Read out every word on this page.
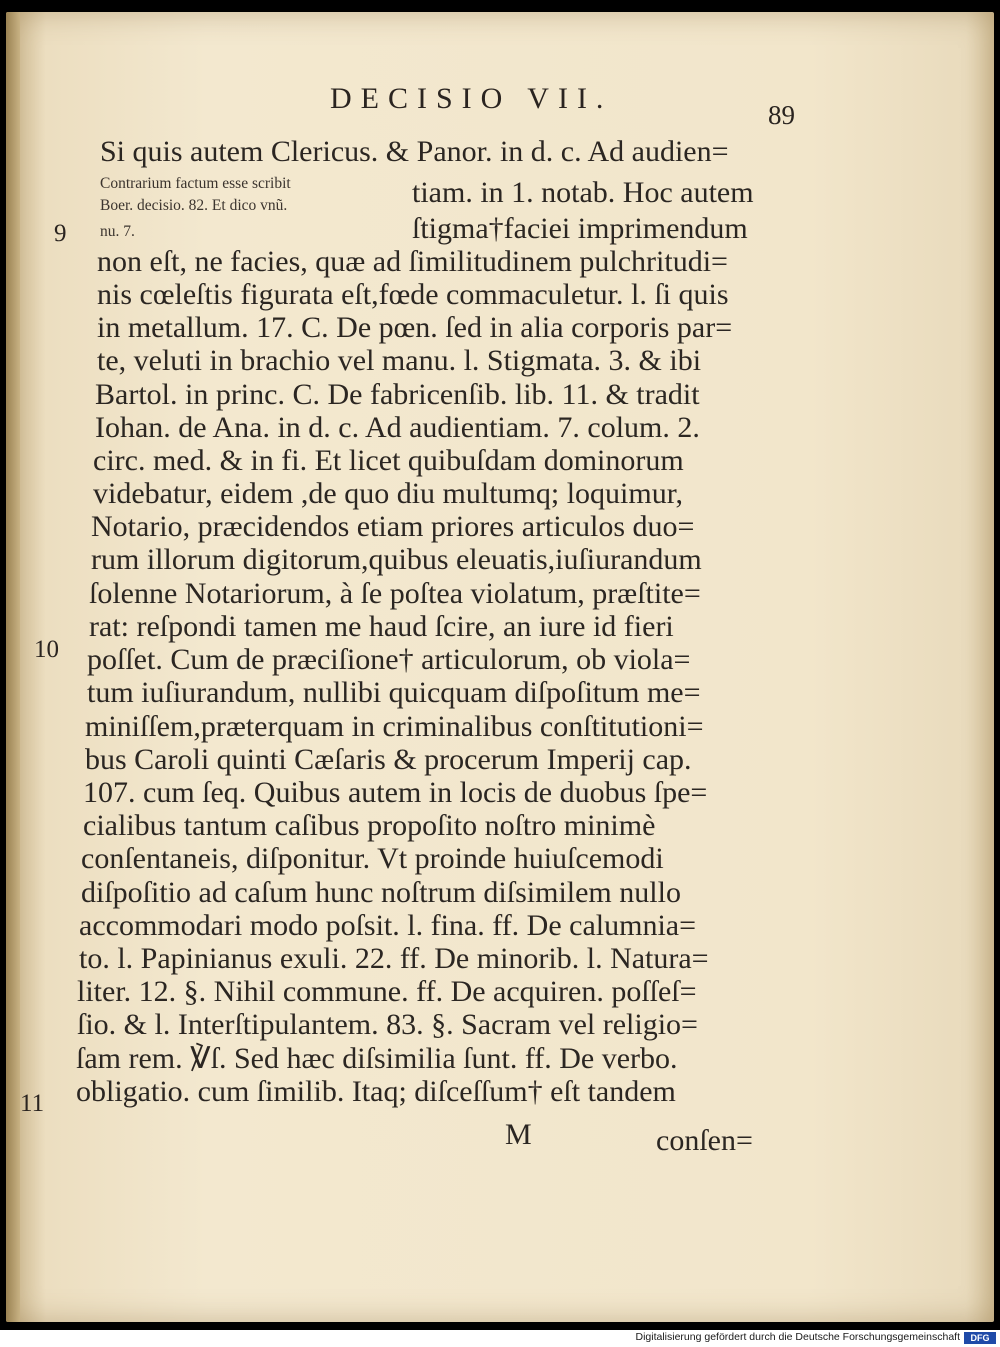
DECISIO VII.	89
Contrarium factum esse scribit
Boer. decisio. 82. Et dico vnũ.
nu. 7.
9
10
11
Si quis autem Clericus. & Panor. in d. c. Ad audien=
tiam. in 1. notab. Hoc autem
ſtigma†faciei imprimendum
non eſt, ne facies, quæ ad ſimilitudinem pulchritudi=
nis cœleſtis figurata eſt,fœde commaculetur. l. ſi quis
in metallum. 17. C. De pœn. ſed in alia corporis par=
te, veluti in brachio vel manu. l. Stigmata. 3. & ibi
Bartol. in princ. C. De fabricenſib. lib. 11. & tradit
Iohan. de Ana. in d. c. Ad audientiam. 7. colum. 2.
circ. med. & in fi. Et licet quibuſdam dominorum
videbatur, eidem ,de quo diu multumq; loquimur,
Notario, præcidendos etiam priores articulos duo=
rum illorum digitorum,quibus eleuatis,iuſiurandum
ſolenne Notariorum, à ſe poſtea violatum, præſtite=
rat: reſpondi tamen me haud ſcire, an iure id fieri
poſſet. Cum de præciſione† articulorum, ob viola=
tum iuſiurandum, nullibi quicquam diſpoſitum me=
miniſſem,præterquam in criminalibus conſtitutioni=
bus Caroli quinti Cæſaris & procerum Imperij cap.
107. cum ſeq. Quibus autem in locis de duobus ſpe=
cialibus tantum caſibus propoſito noſtro minimè
conſentaneis, diſponitur. Vt proinde huiuſcemodi
diſpoſitio ad caſum hunc noſtrum diſsimilem nullo
accommodari modo poſsit. l. fina. ff. De calumnia=
to. l. Papinianus exuli. 22. ff. De minorib. l. Natura=
liter. 12. §. Nihil commune. ff. De acquiren. poſſeſ=
ſio. & l. Interſtipulantem. 83. §. Sacram vel religio=
ſam rem. ℣ſ. Sed hæc diſsimilia ſunt. ff. De verbo.
obligatio. cum ſimilib. Itaq; diſceſſum† eſt tandem
M	conſen=
Digitalisierung gefördert durch die Deutsche Forschungsgemeinschaft	DFG
